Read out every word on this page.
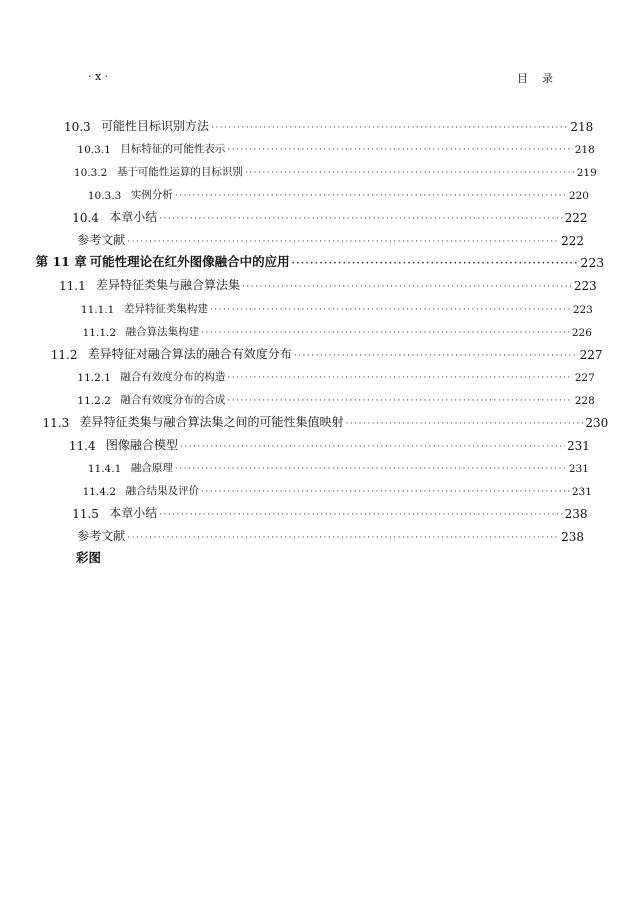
· x ·	目录
10.3 可能性目标识别方法 ·····	218
10.3.1 目标特征的可能性表示 ·····	218
10.3.2 基于可能性运算的目标识别 ·····	219
10.3.3 实例分析 ·····	220
10.4 本章小结 ·····	222
参考文献 ·····	222
第 11 章 可能性理论在红外图像融合中的应用 ·····	223
11.1 差异特征类集与融合算法集 ·····	223
11.1.1 差异特征类集构建 ·····	223
11.1.2 融合算法集构建 ·····	226
11.2 差异特征对融合算法的融合有效度分布 ·····	227
11.2.1 融合有效度分布的构造 ·····	227
11.2.2 融合有效度分布的合成 ·····	228
11.3 差异特征类集与融合算法集之间的可能性集值映射 ·····	230
11.4 图像融合模型 ·····	231
11.4.1 融合原理 ·····	231
11.4.2 融合结果及评价 ·····	231
11.5 本章小结 ·····	238
参考文献 ·····	238
彩图
